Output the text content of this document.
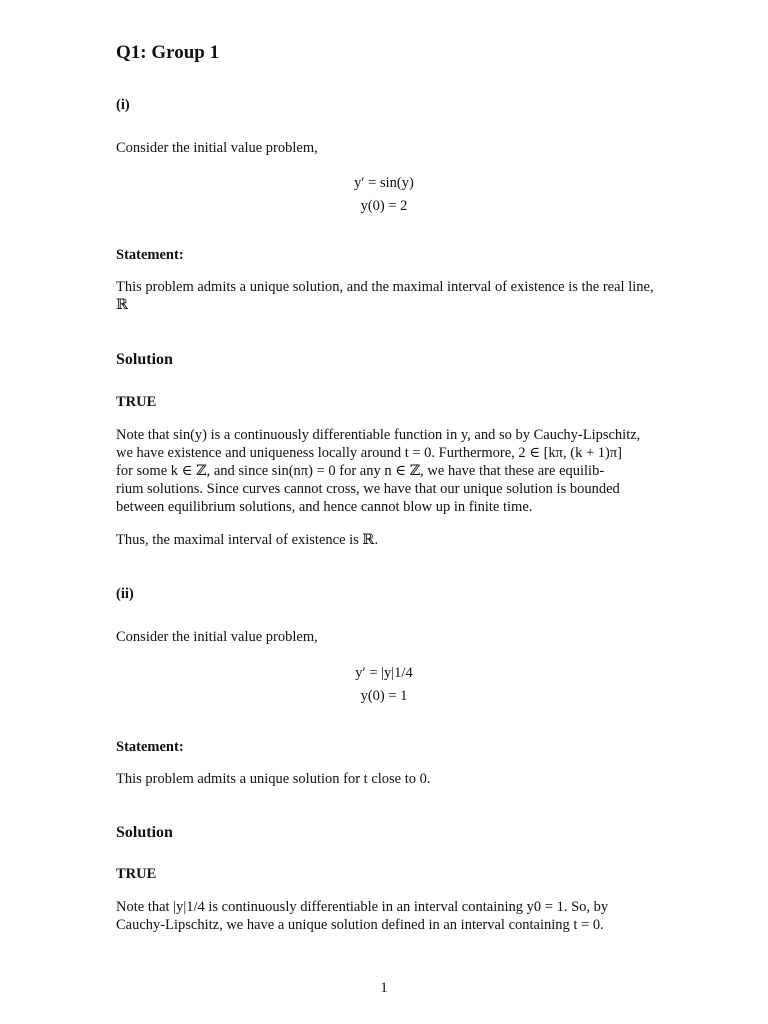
Q1: Group 1
(i)
Consider the initial value problem,
y′ = sin(y)
y(0) = 2
Statement:
This problem admits a unique solution, and the maximal interval of existence is the real line, ℝ
Solution
TRUE
Note that sin(y) is a continuously differentiable function in y, and so by Cauchy-Lipschitz,
we have existence and uniqueness locally around t = 0. Furthermore, 2 ∈ [kπ, (k + 1)π]
for some k ∈ ℤ, and since sin(nπ) = 0 for any n ∈ ℤ, we have that these are equilib-
rium solutions. Since curves cannot cross, we have that our unique solution is bounded
between equilibrium solutions, and hence cannot blow up in finite time.
Thus, the maximal interval of existence is ℝ.
(ii)
Consider the initial value problem,
y′ = |y|1/4
y(0) = 1
Statement:
This problem admits a unique solution for t close to 0.
Solution
TRUE
Note that |y|1/4 is continuously differentiable in an interval containing y0 = 1. So, by
Cauchy-Lipschitz, we have a unique solution defined in an interval containing t = 0.
1
